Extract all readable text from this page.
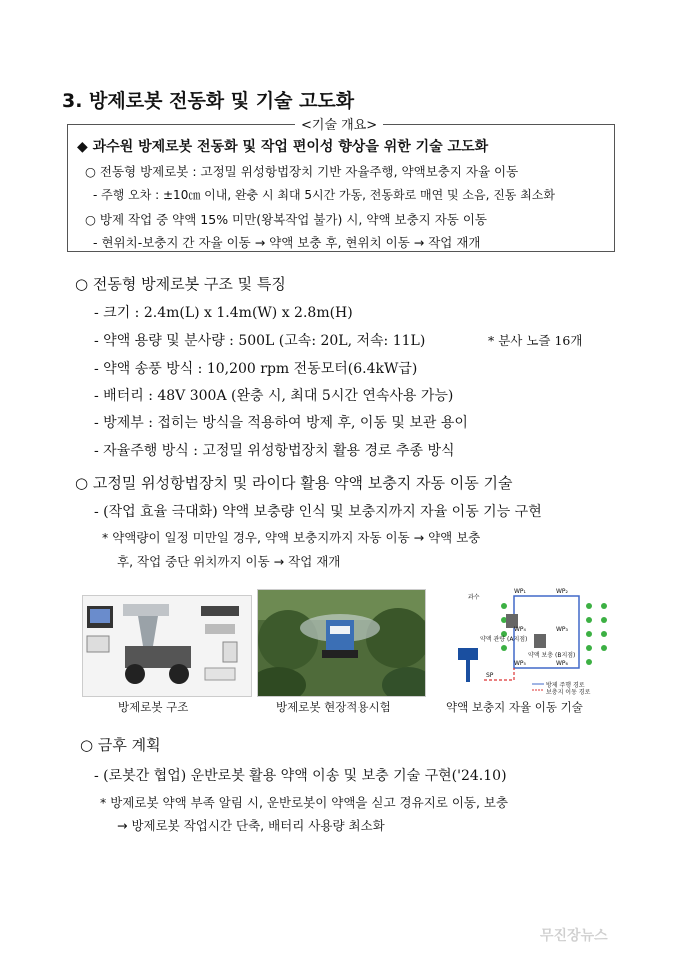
3. 방제로봇 전동화 및 기술 고도화
<기술 개요>
◆ 과수원 방제로봇 전동화 및 작업 편이성 향상을 위한 기술 고도화
○ 전동형 방제로봇 : 고정밀 위성항법장치 기반 자율주행, 약액보충지 자율 이동
- 주행 오차 : ±10㎝ 이내, 완충 시 최대 5시간 가동, 전동화로 매연 및 소음, 진동 최소화
○ 방제 작업 중 약액 15% 미만(왕복작업 불가) 시, 약액 보충지 자동 이동
- 현위치-보충지 간 자율 이동 → 약액 보충 후, 현위치 이동 → 작업 재개
○ 전동형 방제로봇 구조 및 특징
- 크기 : 2.4m(L) x 1.4m(W) x 2.8m(H)
- 약액 용량 및 분사량 : 500L (고속: 20L, 저속: 11L)	* 분사 노즐 16개
- 약액 송풍 방식 : 10,200 rpm 전동모터(6.4kW급)
- 배터리 : 48V 300A (완충 시, 최대 5시간 연속사용 가능)
- 방제부 : 접히는 방식을 적용하여 방제 후, 이동 및 보관 용이
- 자율주행 방식 : 고정밀 위성항법장치 활용 경로 추종 방식
○ 고정밀 위성항법장치 및 라이다 활용 약액 보충지 자동 이동 기술
- (작업 효율 극대화) 약액 보충량 인식 및 보충지까지 자율 이동 기능 구현
* 약액량이 일정 미만일 경우, 약액 보충지까지 자동 이동 → 약액 보충
후, 작업 중단 위치까지 이동 → 작업 재개
과수
약액 관량 (A지점)
약액 보충 (B지점)
WP₁	WP₂
WP₃
WP₄
WP₅	WP₆
SP
방제 주행 경로
보충지 이동 경로
방제로봇 구조	방제로봇 현장적용시험	약액 보충지 자율 이동 기술
○ 금후 계획
- (로봇간 협업) 운반로봇 활용 약액 이송 및 보충 기술 구현('24.10)
* 방제로봇 약액 부족 알림 시, 운반로봇이 약액을 싣고 경유지로 이동, 보충
→ 방제로봇 작업시간 단축, 배터리 사용량 최소화
무진장뉴스
